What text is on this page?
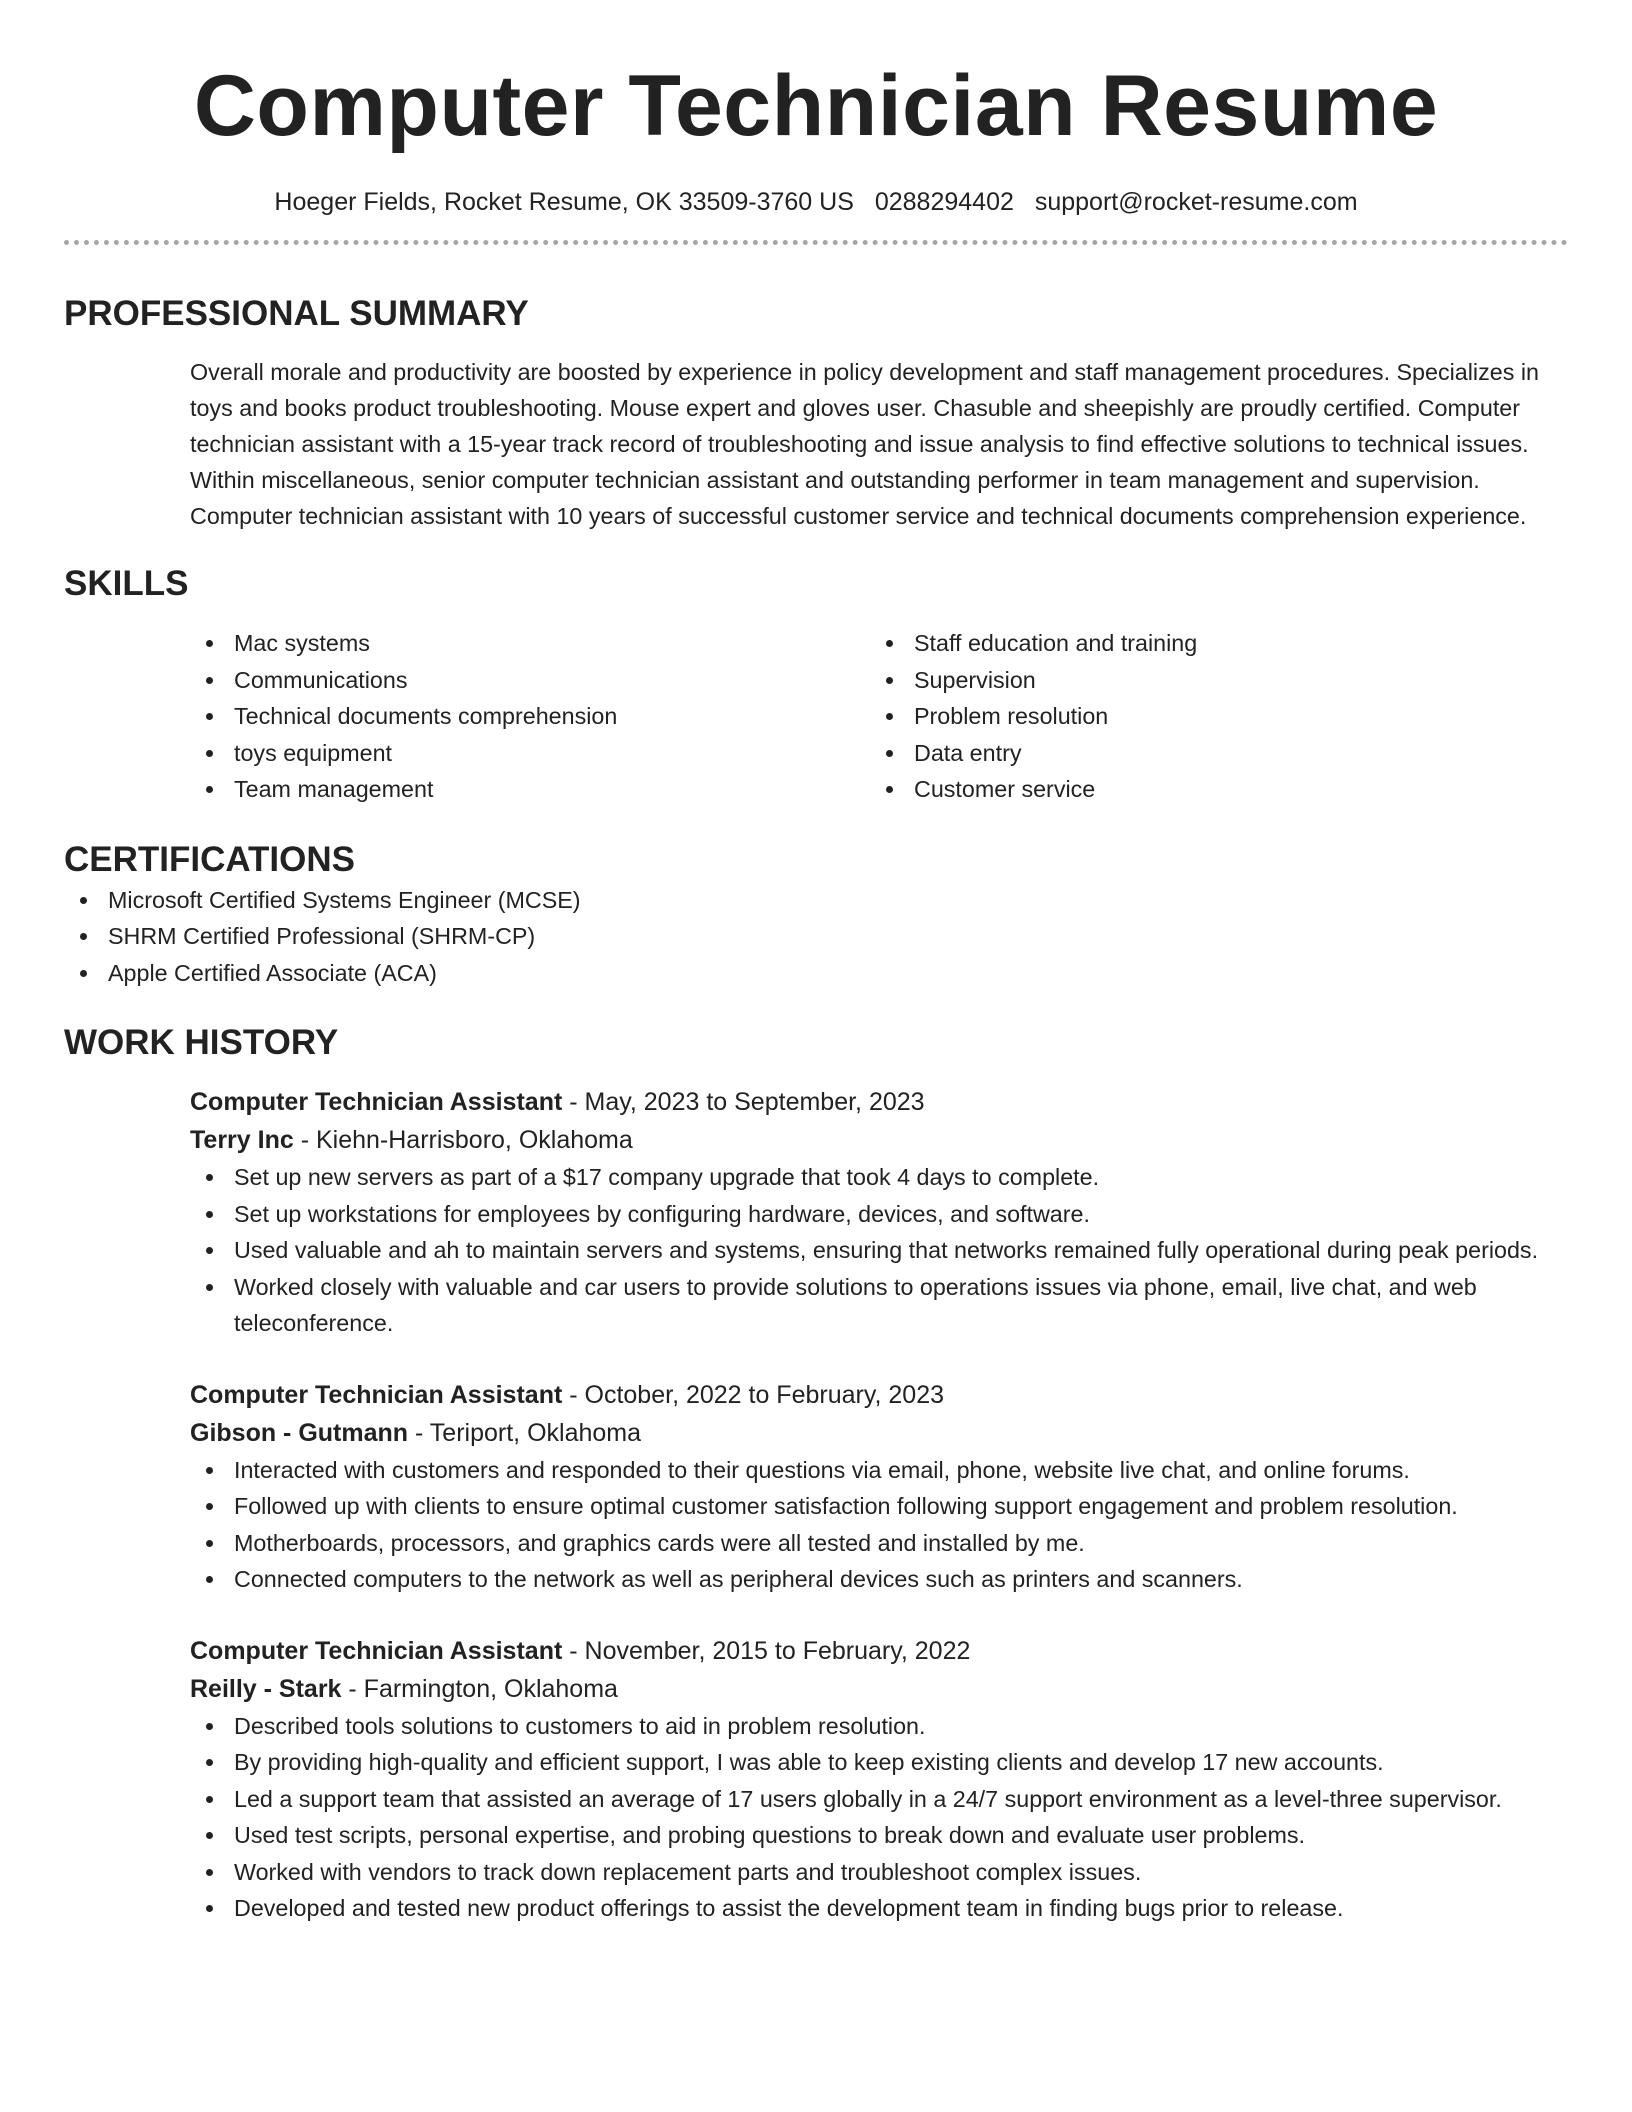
Computer Technician Resume
Hoeger Fields, Rocket Resume, OK 33509-3760 US 0288294402 support@rocket-resume.com
PROFESSIONAL SUMMARY
Overall morale and productivity are boosted by experience in policy development and staff management procedures. Specializes in toys and books product troubleshooting. Mouse expert and gloves user. Chasuble and sheepishly are proudly certified. Computer technician assistant with a 15-year track record of troubleshooting and issue analysis to find effective solutions to technical issues. Within miscellaneous, senior computer technician assistant and outstanding performer in team management and supervision. Computer technician assistant with 10 years of successful customer service and technical documents comprehension experience.
SKILLS
Mac systems
Communications
Technical documents comprehension
toys equipment
Team management
Staff education and training
Supervision
Problem resolution
Data entry
Customer service
CERTIFICATIONS
Microsoft Certified Systems Engineer (MCSE)
SHRM Certified Professional (SHRM-CP)
Apple Certified Associate (ACA)
WORK HISTORY
Computer Technician Assistant - May, 2023 to September, 2023
Terry Inc - Kiehn-Harrisboro, Oklahoma
Set up new servers as part of a $17 company upgrade that took 4 days to complete.
Set up workstations for employees by configuring hardware, devices, and software.
Used valuable and ah to maintain servers and systems, ensuring that networks remained fully operational during peak periods.
Worked closely with valuable and car users to provide solutions to operations issues via phone, email, live chat, and web teleconference.
Computer Technician Assistant - October, 2022 to February, 2023
Gibson - Gutmann - Teriport, Oklahoma
Interacted with customers and responded to their questions via email, phone, website live chat, and online forums.
Followed up with clients to ensure optimal customer satisfaction following support engagement and problem resolution.
Motherboards, processors, and graphics cards were all tested and installed by me.
Connected computers to the network as well as peripheral devices such as printers and scanners.
Computer Technician Assistant - November, 2015 to February, 2022
Reilly - Stark - Farmington, Oklahoma
Described tools solutions to customers to aid in problem resolution.
By providing high-quality and efficient support, I was able to keep existing clients and develop 17 new accounts.
Led a support team that assisted an average of 17 users globally in a 24/7 support environment as a level-three supervisor.
Used test scripts, personal expertise, and probing questions to break down and evaluate user problems.
Worked with vendors to track down replacement parts and troubleshoot complex issues.
Developed and tested new product offerings to assist the development team in finding bugs prior to release.
